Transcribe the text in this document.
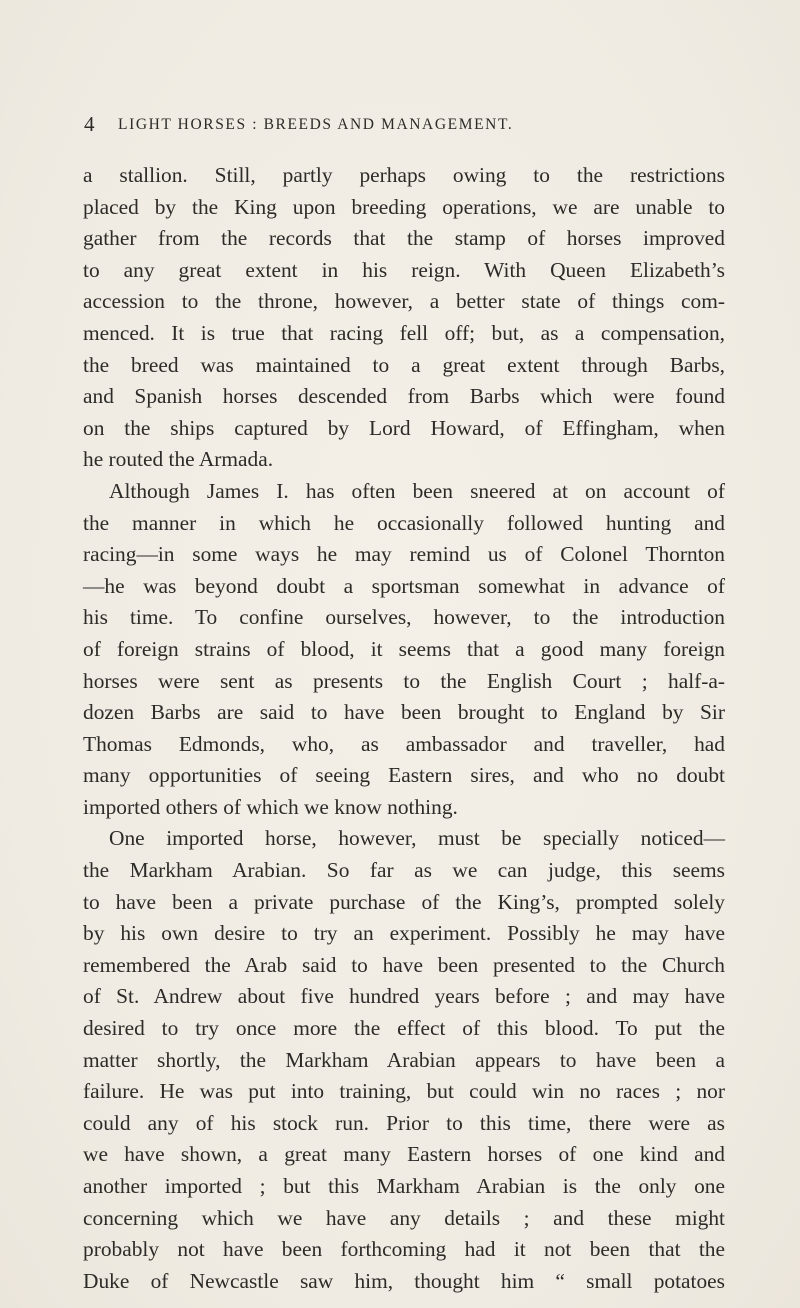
4 LIGHT HORSES : BREEDS AND MANAGEMENT.
a stallion. Still, partly perhaps owing to the restrictions
placed by the King upon breeding operations, we are unable to
gather from the records that the stamp of horses improved
to any great extent in his reign. With Queen Elizabeth’s
accession to the throne, however, a better state of things com-
menced. It is true that racing fell off; but, as a compensation,
the breed was maintained to a great extent through Barbs,
and Spanish horses descended from Barbs which were found
on the ships captured by Lord Howard, of Effingham, when
he routed the Armada.
Although James I. has often been sneered at on account of
the manner in which he occasionally followed hunting and
racing—in some ways he may remind us of Colonel Thornton
—he was beyond doubt a sportsman somewhat in advance of
his time. To confine ourselves, however, to the introduction
of foreign strains of blood, it seems that a good many foreign
horses were sent as presents to the English Court ; half-a-
dozen Barbs are said to have been brought to England by Sir
Thomas Edmonds, who, as ambassador and traveller, had
many opportunities of seeing Eastern sires, and who no doubt
imported others of which we know nothing.
One imported horse, however, must be specially noticed—
the Markham Arabian. So far as we can judge, this seems
to have been a private purchase of the King’s, prompted solely
by his own desire to try an experiment. Possibly he may have
remembered the Arab said to have been presented to the Church
of St. Andrew about five hundred years before ; and may have
desired to try once more the effect of this blood. To put the
matter shortly, the Markham Arabian appears to have been a
failure. He was put into training, but could win no races ; nor
could any of his stock run. Prior to this time, there were as
we have shown, a great many Eastern horses of one kind and
another imported ; but this Markham Arabian is the only one
concerning which we have any details ; and these might
probably not have been forthcoming had it not been that the
Duke of Newcastle saw him, thought him “ small potatoes
